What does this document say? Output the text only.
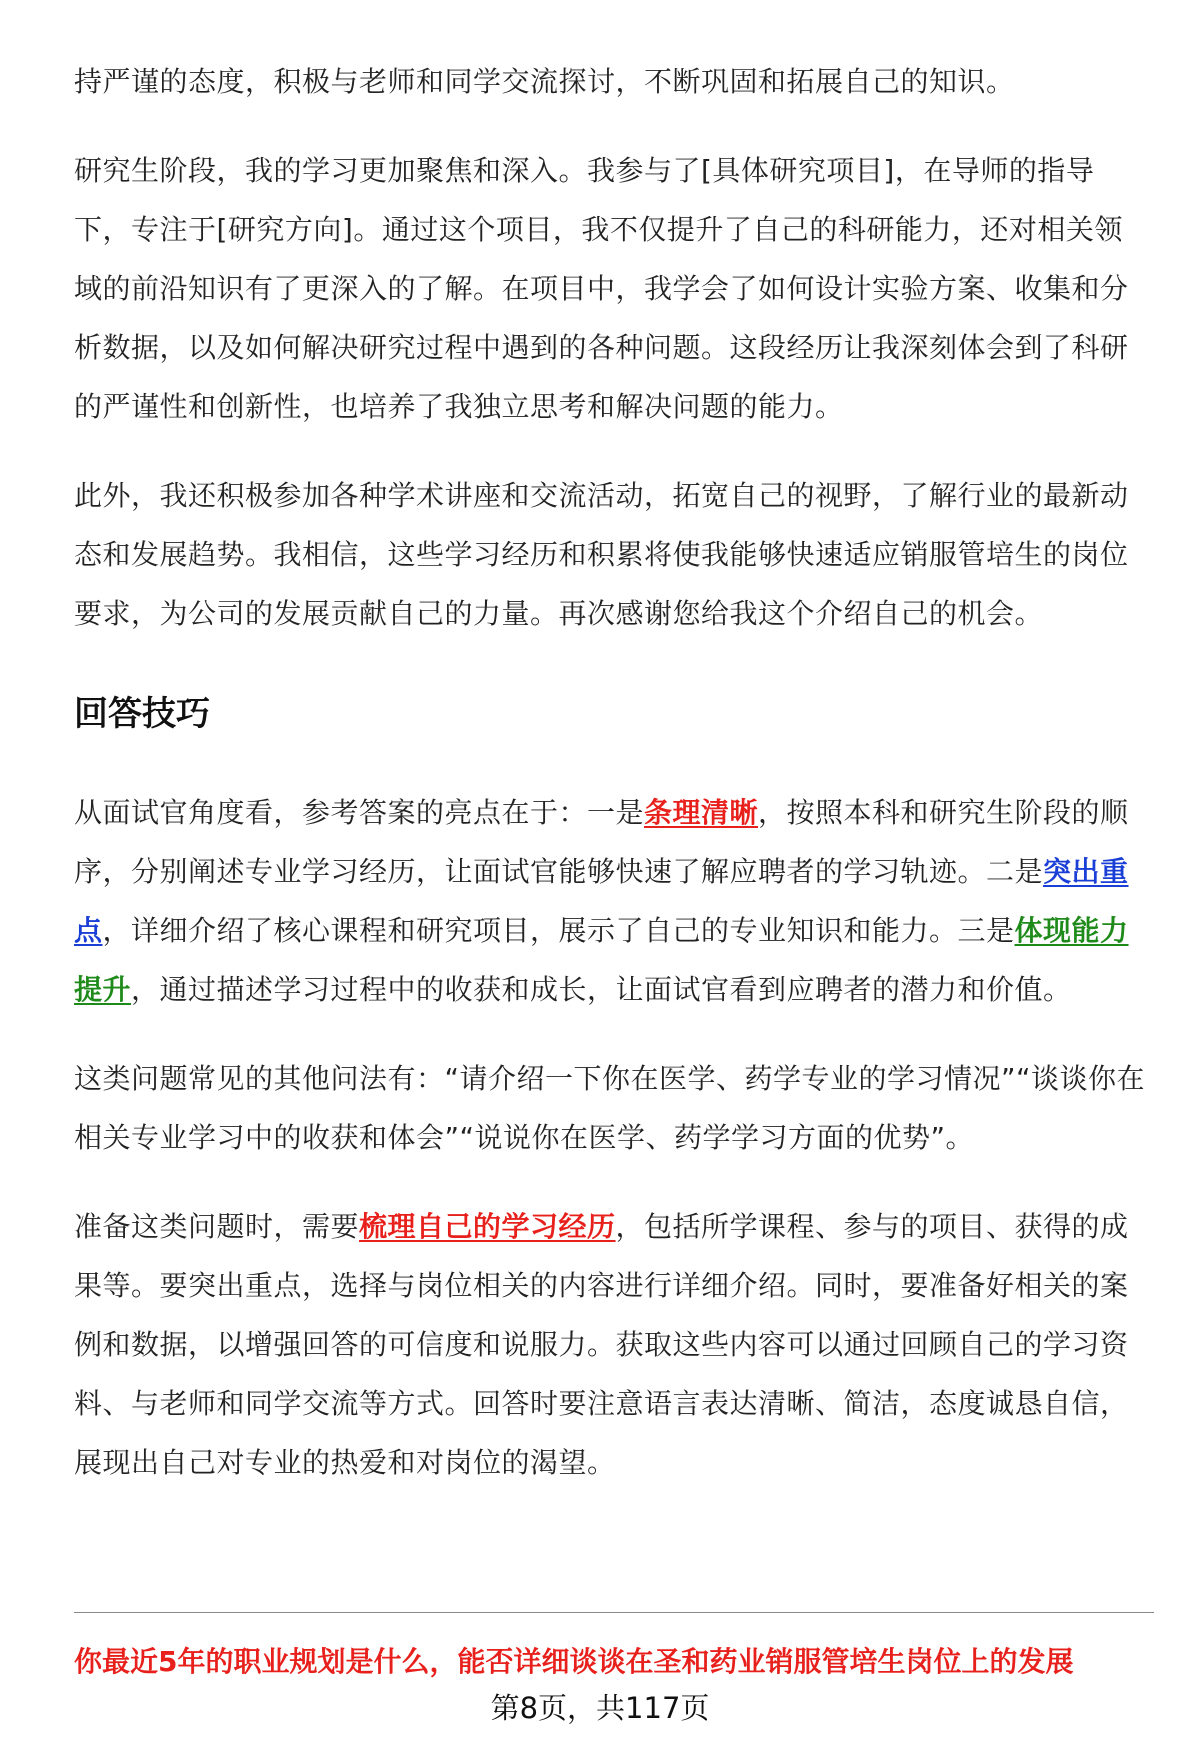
持严谨的态度，积极与老师和同学交流探讨，不断巩固和拓展自己的知识。

研究生阶段，我的学习更加聚焦和深入。我参与了[具体研究项目]，在导师的指导下，专注于[研究方向]。通过这个项目，我不仅提升了自己的科研能力，还对相关领域的前沿知识有了更深入的了解。在项目中，我学会了如何设计实验方案、收集和分析数据，以及如何解决研究过程中遇到的各种问题。这段经历让我深刻体会到了科研的严谨性和创新性，也培养了我独立思考和解决问题的能力。

此外，我还积极参加各种学术讲座和交流活动，拓宽自己的视野，了解行业的最新动态和发展趋势。我相信，这些学习经历和积累将使我能够快速适应销服管培生的岗位要求，为公司的发展贡献自己的力量。再次感谢您给我这个介绍自己的机会。

回答技巧

从面试官角度看，参考答案的亮点在于：一是条理清晰，按照本科和研究生阶段的顺序，分别阐述专业学习经历，让面试官能够快速了解应聘者的学习轨迹。二是突出重点，详细介绍了核心课程和研究项目，展示了自己的专业知识和能力。三是体现能力提升，通过描述学习过程中的收获和成长，让面试官看到应聘者的潜力和价值。

这类问题常见的其他问法有：“请介绍一下你在医学、药学专业的学习情况”“谈谈你在相关专业学习中的收获和体会”“说说你在医学、药学学习方面的优势”。

准备这类问题时，需要梳理自己的学习经历，包括所学课程、参与的项目、获得的成果等。要突出重点，选择与岗位相关的内容进行详细介绍。同时，要准备好相关的案例和数据，以增强回答的可信度和说服力。获取这些内容可以通过回顾自己的学习资料、与老师和同学交流等方式。回答时要注意语言表达清晰、简洁，态度诚恳自信，展现出自己对专业的热爱和对岗位的渴望。

你最近5年的职业规划是什么，能否详细谈谈在圣和药业销服管培生岗位上的发展
第8页，共117页
